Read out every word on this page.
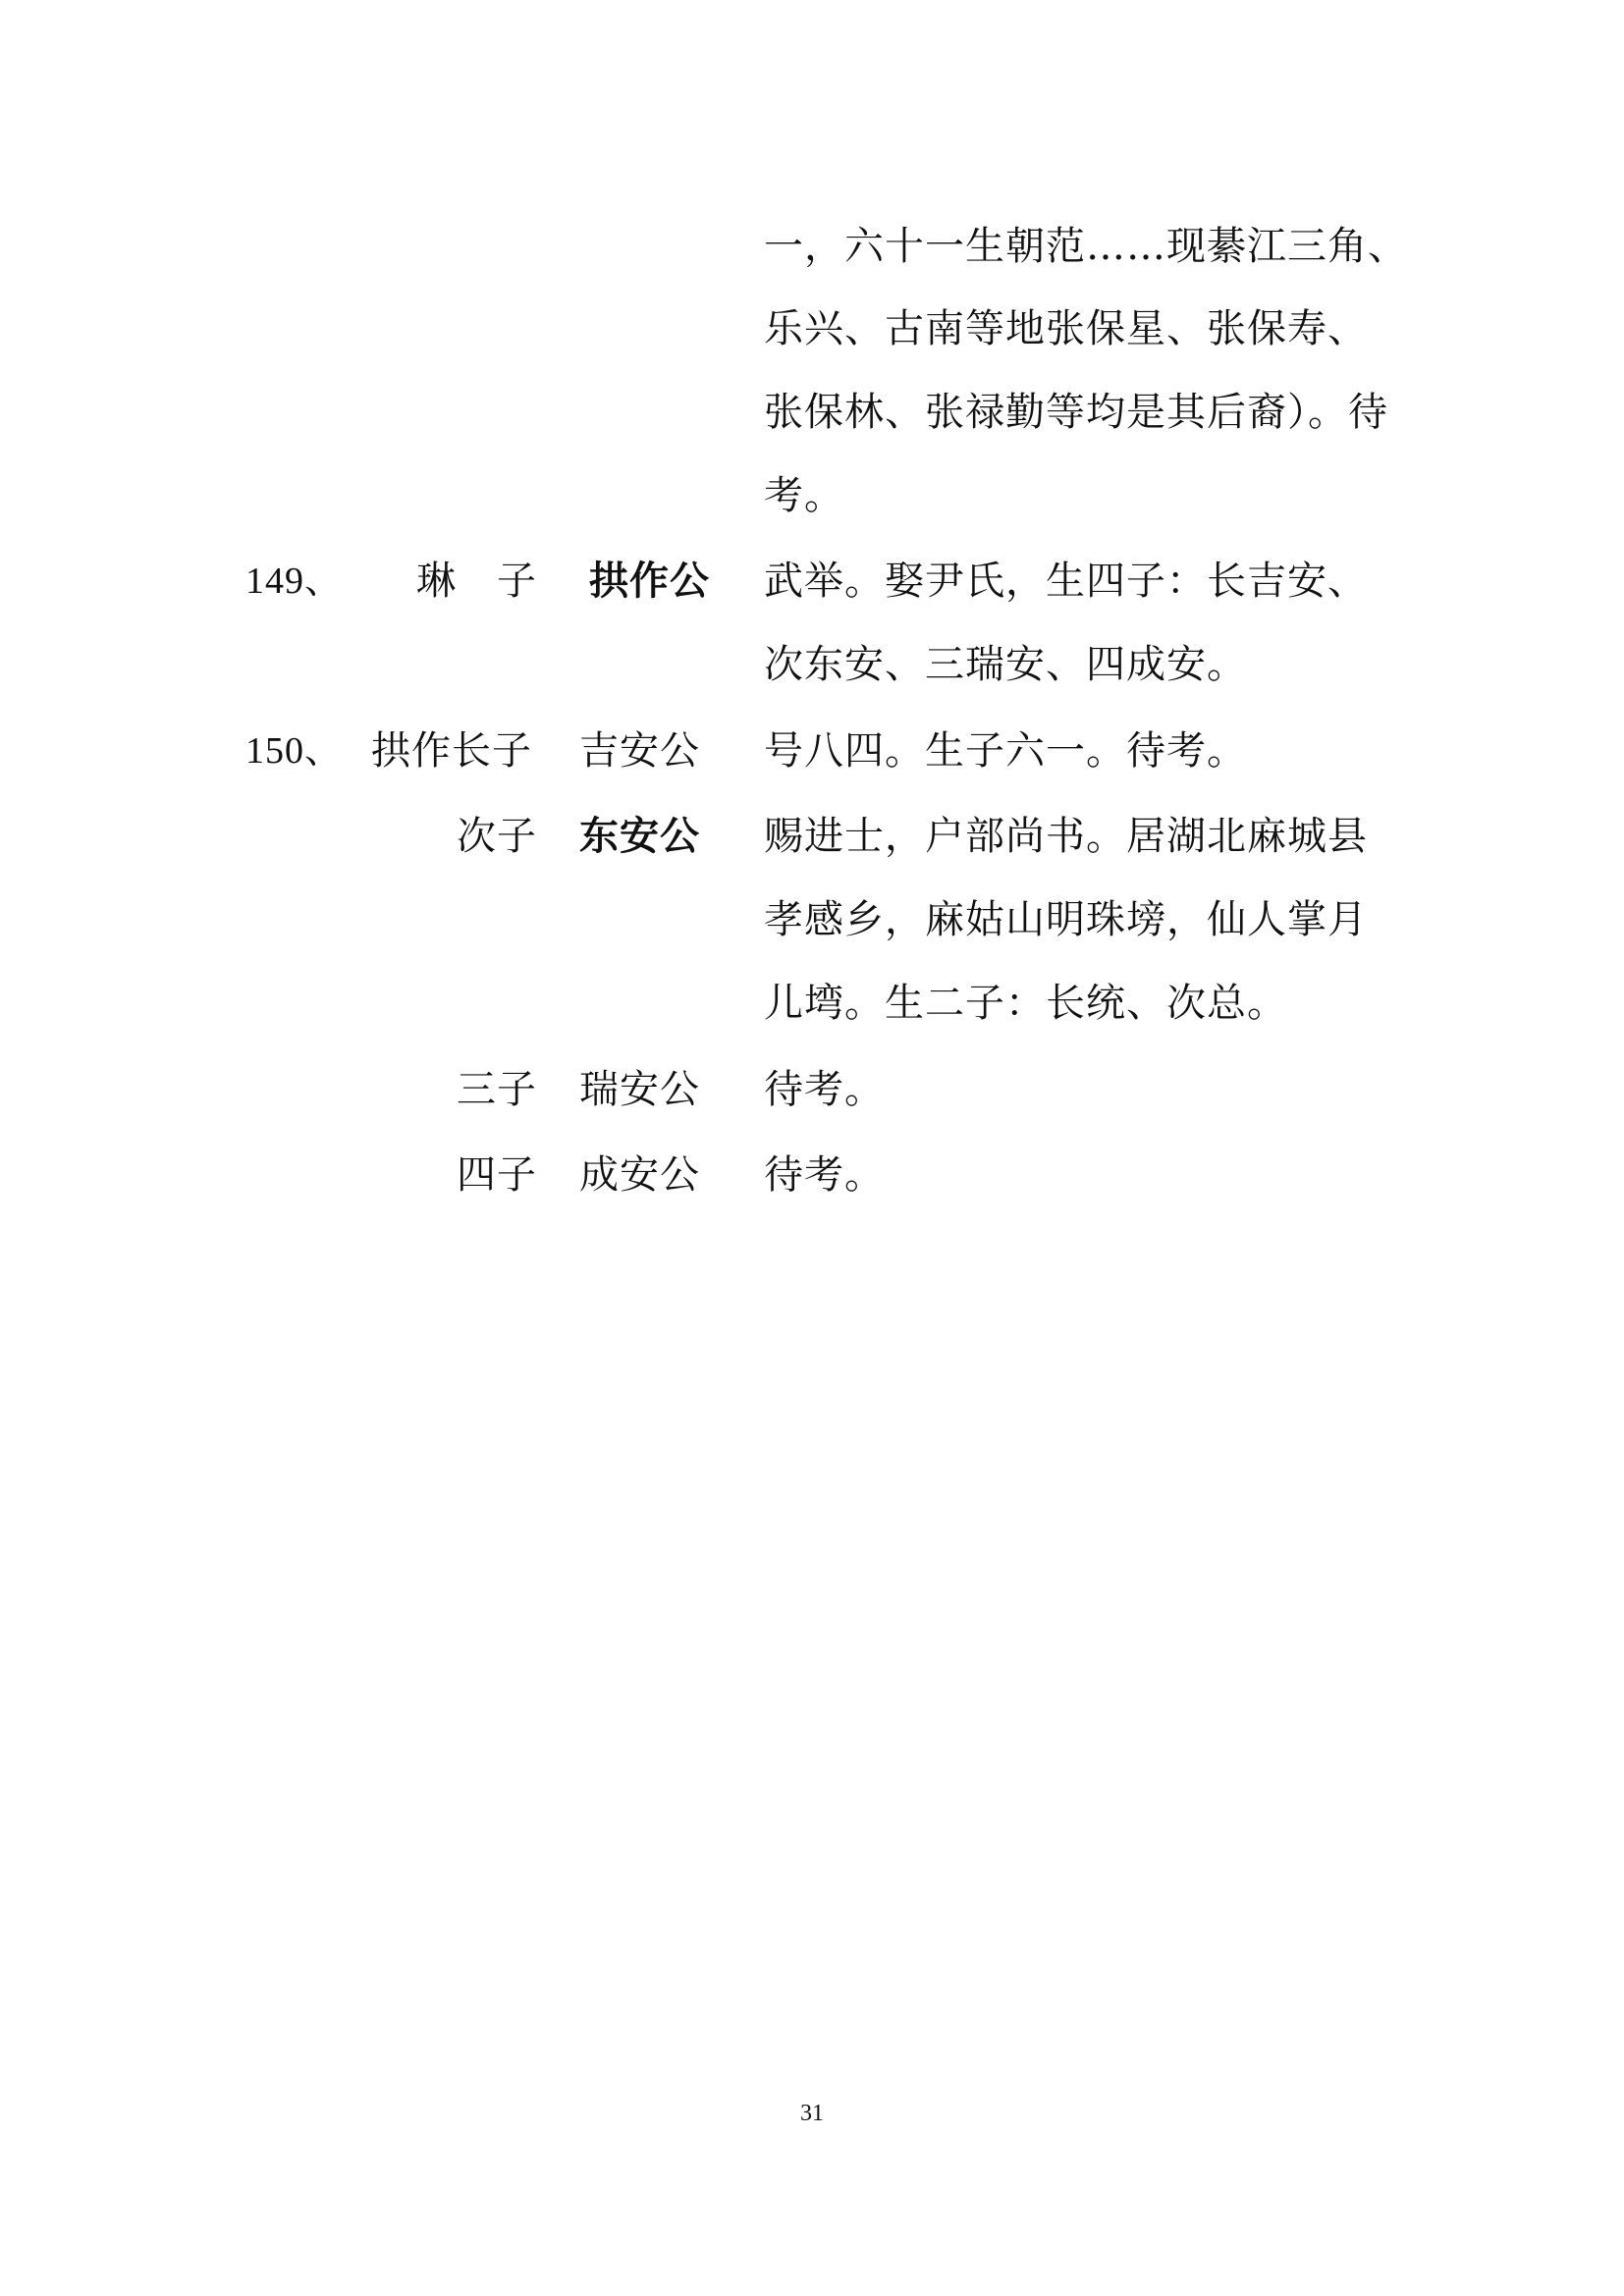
一，六十一生朝范……现綦江三角、
乐兴、古南等地张保星、张保寿、
张保林、张禄勤等均是其后裔）。待
考。
149、 琳　子 拱作公 武举。娶尹氏，生四子：长吉安、
次东安、三瑞安、四成安。
150、 拱作长子 吉安公 号八四。生子六一。待考。
次子 东安公 赐进士，户部尚书。居湖北麻城县
孝感乡，麻姑山明珠塝，仙人掌月
儿塆。生二子：长统、次总。
三子 瑞安公 待考。
四子 成安公 待考。
31
